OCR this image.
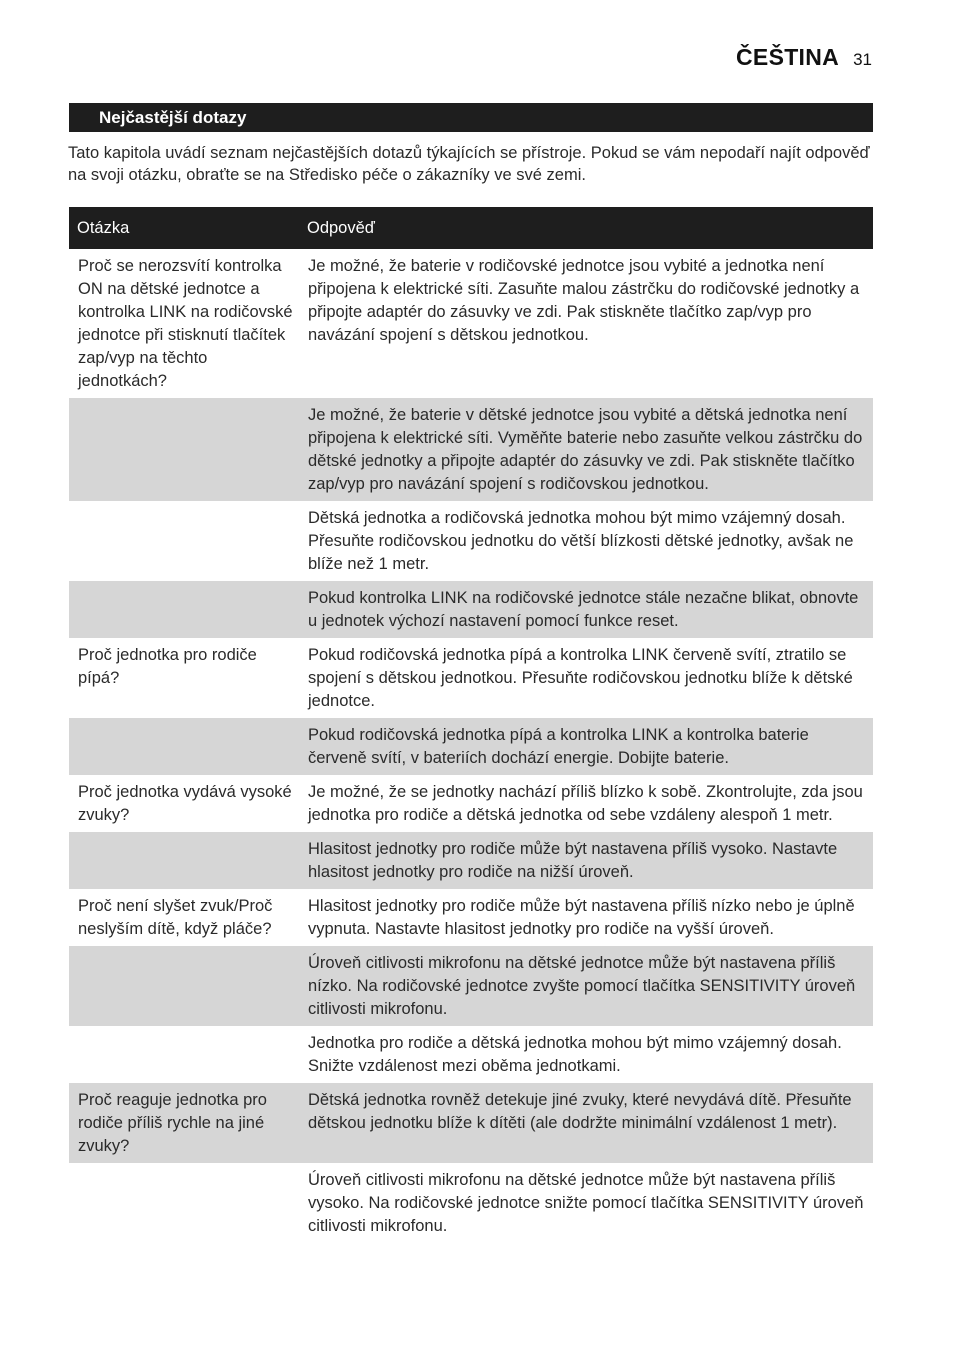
ČEŠTINA 31
Nejčastější dotazy

Tato kapitola uvádí seznam nejčastějších dotazů týkajících se přístroje. Pokud se vám nepodaří najít odpověď na svoji otázku, obraťte se na Středisko péče o zákazníky ve své zemi.

Otázka	Odpověď
Proč se nerozsvítí kontrolka ON na dětské jednotce a kontrolka LINK na rodičovské jednotce při stisknutí tlačítek zap/vyp na těchto jednotkách?	Je možné, že baterie v rodičovské jednotce jsou vybité a jednotka není připojena k elektrické síti. Zasuňte malou zástrčku do rodičovské jednotky a připojte adaptér do zásuvky ve zdi. Pak stiskněte tlačítko zap/vyp pro navázání spojení s dětskou jednotkou.
	Je možné, že baterie v dětské jednotce jsou vybité a dětská jednotka není připojena k elektrické síti. Vyměňte baterie nebo zasuňte velkou zástrčku do dětské jednotky a připojte adaptér do zásuvky ve zdi. Pak stiskněte tlačítko zap/vyp pro navázání spojení s rodičovskou jednotkou.
	Dětská jednotka a rodičovská jednotka mohou být mimo vzájemný dosah. Přesuňte rodičovskou jednotku do větší blízkosti dětské jednotky, avšak ne blíže než 1 metr.
	Pokud kontrolka LINK na rodičovské jednotce stále nezačne blikat, obnovte u jednotek výchozí nastavení pomocí funkce reset.
Proč jednotka pro rodiče pípá?	Pokud rodičovská jednotka pípá a kontrolka LINK červeně svítí, ztratilo se spojení s dětskou jednotkou. Přesuňte rodičovskou jednotku blíže k dětské jednotce.
	Pokud rodičovská jednotka pípá a kontrolka LINK a kontrolka baterie červeně svítí, v bateriích dochází energie. Dobijte baterie.
Proč jednotka vydává vysoké zvuky?	Je možné, že se jednotky nachází příliš blízko k sobě. Zkontrolujte, zda jsou jednotka pro rodiče a dětská jednotka od sebe vzdáleny alespoň 1 metr.
	Hlasitost jednotky pro rodiče může být nastavena příliš vysoko. Nastavte hlasitost jednotky pro rodiče na nižší úroveň.
Proč není slyšet zvuk/Proč neslyším dítě, když pláče?	Hlasitost jednotky pro rodiče může být nastavena příliš nízko nebo je úplně vypnuta. Nastavte hlasitost jednotky pro rodiče na vyšší úroveň.
	Úroveň citlivosti mikrofonu na dětské jednotce může být nastavena příliš nízko. Na rodičovské jednotce zvyšte pomocí tlačítka SENSITIVITY úroveň citlivosti mikrofonu.
	Jednotka pro rodiče a dětská jednotka mohou být mimo vzájemný dosah. Snižte vzdálenost mezi oběma jednotkami.
Proč reaguje jednotka pro rodiče příliš rychle na jiné zvuky?	Dětská jednotka rovněž detekuje jiné zvuky, které nevydává dítě. Přesuňte dětskou jednotku blíže k dítěti (ale dodržte minimální vzdálenost 1 metr).
	Úroveň citlivosti mikrofonu na dětské jednotce může být nastavena příliš vysoko. Na rodičovské jednotce snižte pomocí tlačítka SENSITIVITY úroveň citlivosti mikrofonu.
